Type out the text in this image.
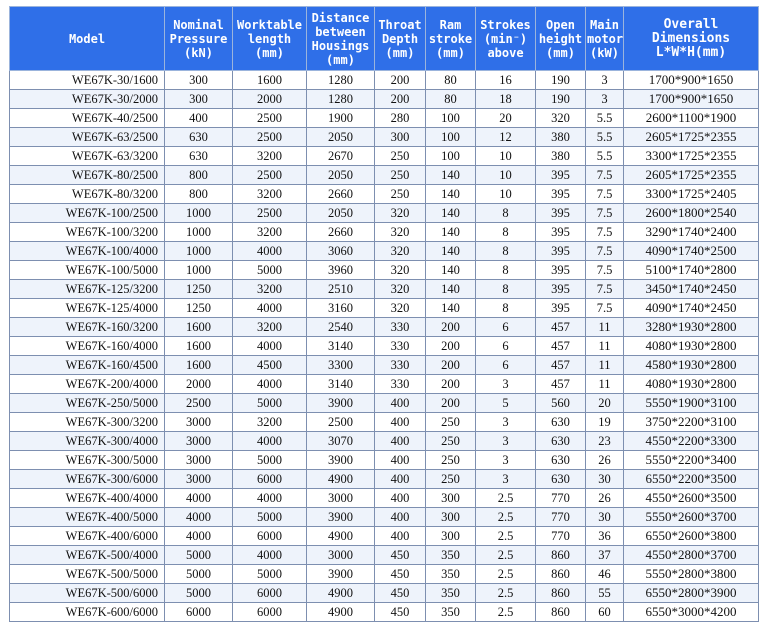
Model	Nominal
Pressure
(kN)	Worktable
length
(mm)	Distance
between
Housings
(mm)	Throat
Depth
(mm)	Ram
stroke
(mm)	Strokes
(min⁻)
above	Open
height
(mm)	Main
motor
(kW)	Overall
Dimensions
L*W*H(mm)
WE67K-30/1600	300	1600	1280	200	80	16	190	3	1700*900*1650
WE67K-30/2000	300	2000	1280	200	80	18	190	3	1700*900*1650
WE67K-40/2500	400	2500	1900	280	100	20	320	5.5	2600*1100*1900
WE67K-63/2500	630	2500	2050	300	100	12	380	5.5	2605*1725*2355
WE67K-63/3200	630	3200	2670	250	100	10	380	5.5	3300*1725*2355
WE67K-80/2500	800	2500	2050	250	140	10	395	7.5	2605*1725*2355
WE67K-80/3200	800	3200	2660	250	140	10	395	7.5	3300*1725*2405
WE67K-100/2500	1000	2500	2050	320	140	8	395	7.5	2600*1800*2540
WE67K-100/3200	1000	3200	2660	320	140	8	395	7.5	3290*1740*2400
WE67K-100/4000	1000	4000	3060	320	140	8	395	7.5	4090*1740*2500
WE67K-100/5000	1000	5000	3960	320	140	8	395	7.5	5100*1740*2800
WE67K-125/3200	1250	3200	2510	320	140	8	395	7.5	3450*1740*2450
WE67K-125/4000	1250	4000	3160	320	140	8	395	7.5	4090*1740*2450
WE67K-160/3200	1600	3200	2540	330	200	6	457	11	3280*1930*2800
WE67K-160/4000	1600	4000	3140	330	200	6	457	11	4080*1930*2800
WE67K-160/4500	1600	4500	3300	330	200	6	457	11	4580*1930*2800
WE67K-200/4000	2000	4000	3140	330	200	3	457	11	4080*1930*2800
WE67K-250/5000	2500	5000	3900	400	200	5	560	20	5550*1900*3100
WE67K-300/3200	3000	3200	2500	400	250	3	630	19	3750*2200*3100
WE67K-300/4000	3000	4000	3070	400	250	3	630	23	4550*2200*3300
WE67K-300/5000	3000	5000	3900	400	250	3	630	26	5550*2200*3400
WE67K-300/6000	3000	6000	4900	400	250	3	630	30	6550*2200*3500
WE67K-400/4000	4000	4000	3000	400	300	2.5	770	26	4550*2600*3500
WE67K-400/5000	4000	5000	3900	400	300	2.5	770	30	5550*2600*3700
WE67K-400/6000	4000	6000	4900	400	300	2.5	770	36	6550*2600*3800
WE67K-500/4000	5000	4000	3000	450	350	2.5	860	37	4550*2800*3700
WE67K-500/5000	5000	5000	3900	450	350	2.5	860	46	5550*2800*3800
WE67K-500/6000	5000	6000	4900	450	350	2.5	860	55	6550*2800*3900
WE67K-600/6000	6000	6000	4900	450	350	2.5	860	60	6550*3000*4200
